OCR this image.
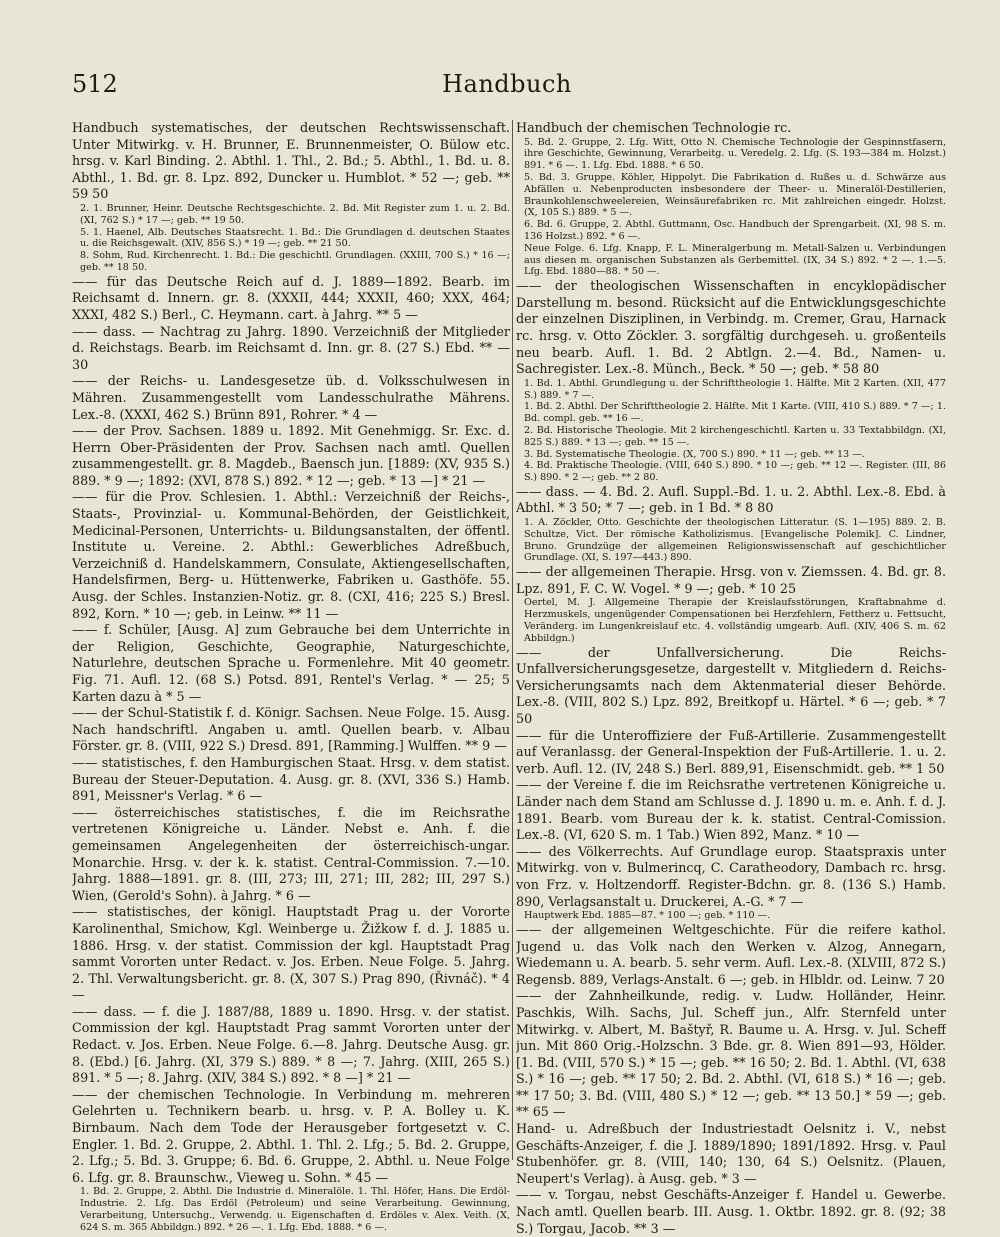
512	Handbuch

Handbuch systematisches, der deutschen Rechtswissenschaft. Unter Mitwirkg. v. H. Brunner, E. Brunnenmeister, O. Bülow etc. hrsg. v. Karl Binding. 2. Abthl. 1. Thl., 2. Bd.; 5. Abthl., 1. Bd. u. 8. Abthl., 1. Bd. gr. 8. Lpz. 892, Duncker u. Humblot. * 52 —; geb. ** 59 50

2. 1. Brunner, Heinr. Deutsche Rechtsgeschichte. 2. Bd. Mit Register zum 1. u. 2. Bd. (XI, 762 S.) * 17 —; geb. ** 19 50.

5. 1. Haenel, Alb. Deutsches Staatsrecht. 1. Bd.: Die Grundlagen d. deutschen Staates u. die Reichsgewalt. (XIV, 856 S.) * 19 —; geb. ** 21 50.

8. Sohm, Rud. Kirchenrecht. 1. Bd.: Die geschichtl. Grundlagen. (XXIII, 700 S.) * 16 —; geb. ** 18 50.

—— für das Deutsche Reich auf d. J. 1889—1892. Bearb. im Reichsamt d. Innern. gr. 8. (XXXII, 444; XXXII, 460; XXX, 464; XXXI, 482 S.) Berl., C. Heymann. cart. à Jahrg. ** 5 —

—— dass. — Nachtrag zu Jahrg. 1890. Verzeichniß der Mitglieder d. Reichstags. Bearb. im Reichsamt d. Inn. gr. 8. (27 S.) Ebd. ** — 30

—— der Reichs- u. Landesgesetze üb. d. Volksschulwesen in Mähren. Zusammengestellt vom Landesschulrathe Mährens. Lex.-8. (XXXI, 462 S.) Brünn 891, Rohrer. * 4 —

—— der Prov. Sachsen. 1889 u. 1892. Mit Genehmigg. Sr. Exc. d. Herrn Ober-Präsidenten der Prov. Sachsen nach amtl. Quellen zusammengestellt. gr. 8. Magdeb., Baensch jun. [1889: (XV, 935 S.) 889. * 9 —; 1892: (XVI, 878 S.) 892. * 12 —; geb. * 13 —] * 21 —

—— für die Prov. Schlesien. 1. Abthl.: Verzeichniß der Reichs-, Staats-, Provinzial- u. Kommunal-Behörden, der Geistlichkeit, Medicinal-Personen, Unterrichts- u. Bildungsanstalten, der öffentl. Institute u. Vereine. 2. Abthl.: Gewerbliches Adreßbuch, Verzeichniß d. Handelskammern, Consulate, Aktiengesellschaften, Handelsfirmen, Berg- u. Hüttenwerke, Fabriken u. Gasthöfe. 55. Ausg. der Schles. Instanzien-Notiz. gr. 8. (CXI, 416; 225 S.) Bresl. 892, Korn. * 10 —; geb. in Leinw. ** 11 —

—— f. Schüler, [Ausg. A] zum Gebrauche bei dem Unterrichte in der Religion, Geschichte, Geographie, Naturgeschichte, Naturlehre, deutschen Sprache u. Formenlehre. Mit 40 geometr. Fig. 71. Aufl. 12. (68 S.) Potsd. 891, Rentel's Verlag. * — 25; 5 Karten dazu à * 5 —

—— der Schul-Statistik f. d. Königr. Sachsen. Neue Folge. 15. Ausg. Nach handschriftl. Angaben u. amtl. Quellen bearb. v. Albau Förster. gr. 8. (VIII, 922 S.) Dresd. 891, [Ramming.] Wulffen. ** 9 —

—— statistisches, f. den Hamburgischen Staat. Hrsg. v. dem statist. Bureau der Steuer-Deputation. 4. Ausg. gr. 8. (XVI, 336 S.) Hamb. 891, Meissner's Verlag. * 6 —

—— österreichisches statistisches, f. die im Reichsrathe vertretenen Königreiche u. Länder. Nebst e. Anh. f. die gemeinsamen Angelegenheiten der österreichisch-ungar. Monarchie. Hrsg. v. der k. k. statist. Central-Commission. 7.—10. Jahrg. 1888—1891. gr. 8. (III, 273; III, 271; III, 282; III, 297 S.) Wien, (Gerold's Sohn). à Jahrg. * 6 —

—— statistisches, der königl. Hauptstadt Prag u. der Vororte Karolinenthal, Smichow, Kgl. Weinberge u. Žižkow f. d. J. 1885 u. 1886. Hrsg. v. der statist. Commission der kgl. Hauptstadt Prag sammt Vororten unter Redact. v. Jos. Erben. Neue Folge. 5. Jahrg. 2. Thl. Verwaltungsbericht. gr. 8. (X, 307 S.) Prag 890, (Řivnáč). * 4 —

—— dass. — f. die J. 1887/88, 1889 u. 1890. Hrsg. v. der statist. Commission der kgl. Hauptstadt Prag sammt Vororten unter der Redact. v. Jos. Erben. Neue Folge. 6.—8. Jahrg. Deutsche Ausg. gr. 8. (Ebd.) [6. Jahrg. (XI, 379 S.) 889. * 8 —; 7. Jahrg. (XIII, 265 S.) 891. * 5 —; 8. Jahrg. (XIV, 384 S.) 892. * 8 —] * 21 —

—— der chemischen Technologie. In Verbindung m. mehreren Gelehrten u. Technikern bearb. u. hrsg. v. P. A. Bolley u. K. Birnbaum. Nach dem Tode der Herausgeber fortgesetzt v. C. Engler. 1. Bd. 2. Gruppe, 2. Abthl. 1. Thl. 2. Lfg.; 5. Bd. 2. Gruppe, 2. Lfg.; 5. Bd. 3. Gruppe; 6. Bd. 6. Gruppe, 2. Abthl. u. Neue Folge 6. Lfg. gr. 8. Braunschw., Vieweg u. Sohn. * 45 —

1. Bd. 2. Gruppe, 2. Abthl. Die Industrie d. Mineralöle. 1. Thl. Höfer, Hans. Die Erdöl-Industrie. 2. Lfg. Das Erdöl (Petroleum) und seine Verarbeitung. Gewinnung, Verarbeitung, Untersuchg., Verwendg. u. Eigenschaften d. Erdöles v. Alex. Veith. (X, 624 S. m. 365 Abbildgn.) 892. * 26 —. 1. Lfg. Ebd. 1888. * 6 —.

Handbuch der chemischen Technologie rc.

5. Bd. 2. Gruppe, 2. Lfg. Witt, Otto N. Chemische Technologie der Gespinnstfasern, ihre Geschichte, Gewinnung, Verarbeitg. u. Veredelg. 2. Lfg. (S. 193—384 m. Holzst.) 891. * 6 —. 1. Lfg. Ebd. 1888. * 6 50.

5. Bd. 3. Gruppe. Köhler, Hippolyt. Die Fabrikation d. Rußes u. d. Schwärze aus Abfällen u. Nebenproducten insbesondere der Theer- u. Mineralöl-Destillerien, Braunkohlenschweelereien, Weinsäurefabriken rc. Mit zahlreichen eingedr. Holzst. (X, 105 S.) 889. * 5 —.

6. Bd. 6. Gruppe, 2. Abthl. Guttmann, Osc. Handbuch der Sprengarbeit. (XI, 98 S. m. 136 Holzst.) 892. * 6 —.

Neue Folge. 6. Lfg. Knapp, F. L. Mineralgerbung m. Metall-Salzen u. Verbindungen aus diesen m. organischen Substanzen als Gerbemittel. (IX, 34 S.) 892. * 2 —. 1.—5. Lfg. Ebd. 1880—88. * 50 —.

—— der theologischen Wissenschaften in encyklopädischer Darstellung m. besond. Rücksicht auf die Entwicklungsgeschichte der einzelnen Disziplinen, in Verbindg. m. Cremer, Grau, Harnack rc. hrsg. v. Otto Zöckler. 3. sorgfältig durchgeseh. u. großenteils neu bearb. Aufl. 1. Bd. 2 Abtlgn. 2.—4. Bd., Namen- u. Sachregister. Lex.-8. Münch., Beck. * 50 —; geb. * 58 80

1. Bd. 1. Abthl. Grundlegung u. der Schrifttheologie 1. Hälfte. Mit 2 Karten. (XII, 477 S.) 889. * 7 —.

1. Bd. 2. Abthl. Der Schrifttheologie 2. Hälfte. Mit 1 Karte. (VIII, 410 S.) 889. * 7 —; 1. Bd. compl. geb. ** 16 —.

2. Bd. Historische Theologie. Mit 2 kirchengeschichtl. Karten u. 33 Textabbildgn. (XI, 825 S.) 889. * 13 —; geb. ** 15 —.

3. Bd. Systematische Theologie. (X, 700 S.) 890. * 11 —; geb. ** 13 —.

4. Bd. Praktische Theologie. (VIII, 640 S.) 890. * 10 —; geb. ** 12 —. Register. (III, 86 S.) 890. * 2 —; geb. ** 2 80.

—— dass. — 4. Bd. 2. Aufl. Suppl.-Bd. 1. u. 2. Abthl. Lex.-8. Ebd. à Abthl. * 3 50; * 7 —; geb. in 1 Bd. * 8 80

1. A. Zöckler, Otto. Geschichte der theologischen Litteratur. (S. 1—195) 889. 2. B. Schultze, Vict. Der römische Katholizismus. [Evangelische Polemik]. C. Lindner, Bruno. Grundzüge der allgemeinen Religionswissenschaft auf geschichtlicher Grundlage. (XI, S. 197—443.) 890.

—— der allgemeinen Therapie. Hrsg. von v. Ziemssen. 4. Bd. gr. 8. Lpz. 891, F. C. W. Vogel. * 9 —; geb. * 10 25

Oertel, M. J. Allgemeine Therapie der Kreislaufsstörungen, Kraftabnahme d. Herzmuskels, ungenügender Compensationen bei Herzfehlern, Fettherz u. Fettsucht, Veränderg. im Lungenkreislauf etc. 4. vollständig umgearb. Aufl. (XIV, 406 S. m. 62 Abbildgn.)

—— der Unfallversicherung. Die Reichs-Unfallversicherungsgesetze, dargestellt v. Mitgliedern d. Reichs-Versicherungsamts nach dem Aktenmaterial dieser Behörde. Lex.-8. (VIII, 802 S.) Lpz. 892, Breitkopf u. Härtel. * 6 —; geb. * 7 50

—— für die Unteroffiziere der Fuß-Artillerie. Zusammengestellt auf Veranlassg. der General-Inspektion der Fuß-Artillerie. 1. u. 2. verb. Aufl. 12. (IV, 248 S.) Berl. 889,91, Eisenschmidt. geb. ** 1 50

—— der Vereine f. die im Reichsrathe vertretenen Königreiche u. Länder nach dem Stand am Schlusse d. J. 1890 u. m. e. Anh. f. d. J. 1891. Bearb. vom Bureau der k. k. statist. Central-Comission. Lex.-8. (VI, 620 S. m. 1 Tab.) Wien 892, Manz. * 10 —

—— des Völkerrechts. Auf Grundlage europ. Staatspraxis unter Mitwirkg. von v. Bulmerincq, C. Caratheodory, Dambach rc. hrsg. von Frz. v. Holtzendorff. Register-Bdchn. gr. 8. (136 S.) Hamb. 890, Verlagsanstalt u. Druckerei, A.-G. * 7 —

Hauptwerk Ebd. 1885—87. * 100 —; geb. * 110 —.

—— der allgemeinen Weltgeschichte. Für die reifere kathol. Jugend u. das Volk nach den Werken v. Alzog, Annegarn, Wiedemann u. A. bearb. 5. sehr verm. Aufl. Lex.-8. (XLVIII, 872 S.) Regensb. 889, Verlags-Anstalt. 6 —; geb. in Hlbldr. od. Leinw. 7 20

—— der Zahnheilkunde, redig. v. Ludw. Holländer, Heinr. Paschkis, Wilh. Sachs, Jul. Scheff jun., Alfr. Sternfeld unter Mitwirkg. v. Albert, M. Baštyř, R. Baume u. A. Hrsg. v. Jul. Scheff jun. Mit 860 Orig.-Holzschn. 3 Bde. gr. 8. Wien 891—93, Hölder. [1. Bd. (VIII, 570 S.) * 15 —; geb. ** 16 50; 2. Bd. 1. Abthl. (VI, 638 S.) * 16 —; geb. ** 17 50; 2. Bd. 2. Abthl. (VI, 618 S.) * 16 —; geb. ** 17 50; 3. Bd. (VIII, 480 S.) * 12 —; geb. ** 13 50.] * 59 —; geb. ** 65 —

Hand- u. Adreßbuch der Industriestadt Oelsnitz i. V., nebst Geschäfts-Anzeiger, f. die J. 1889/1890; 1891/1892. Hrsg. v. Paul Stubenhöfer. gr. 8. (VIII, 140; 130, 64 S.) Oelsnitz. (Plauen, Neupert's Verlag). à Ausg. geb. * 3 —

—— v. Torgau, nebst Geschäfts-Anzeiger f. Handel u. Gewerbe. Nach amtl. Quellen bearb. III. Ausg. 1. Oktbr. 1892. gr. 8. (92; 38 S.) Torgau, Jacob. ** 3 —
